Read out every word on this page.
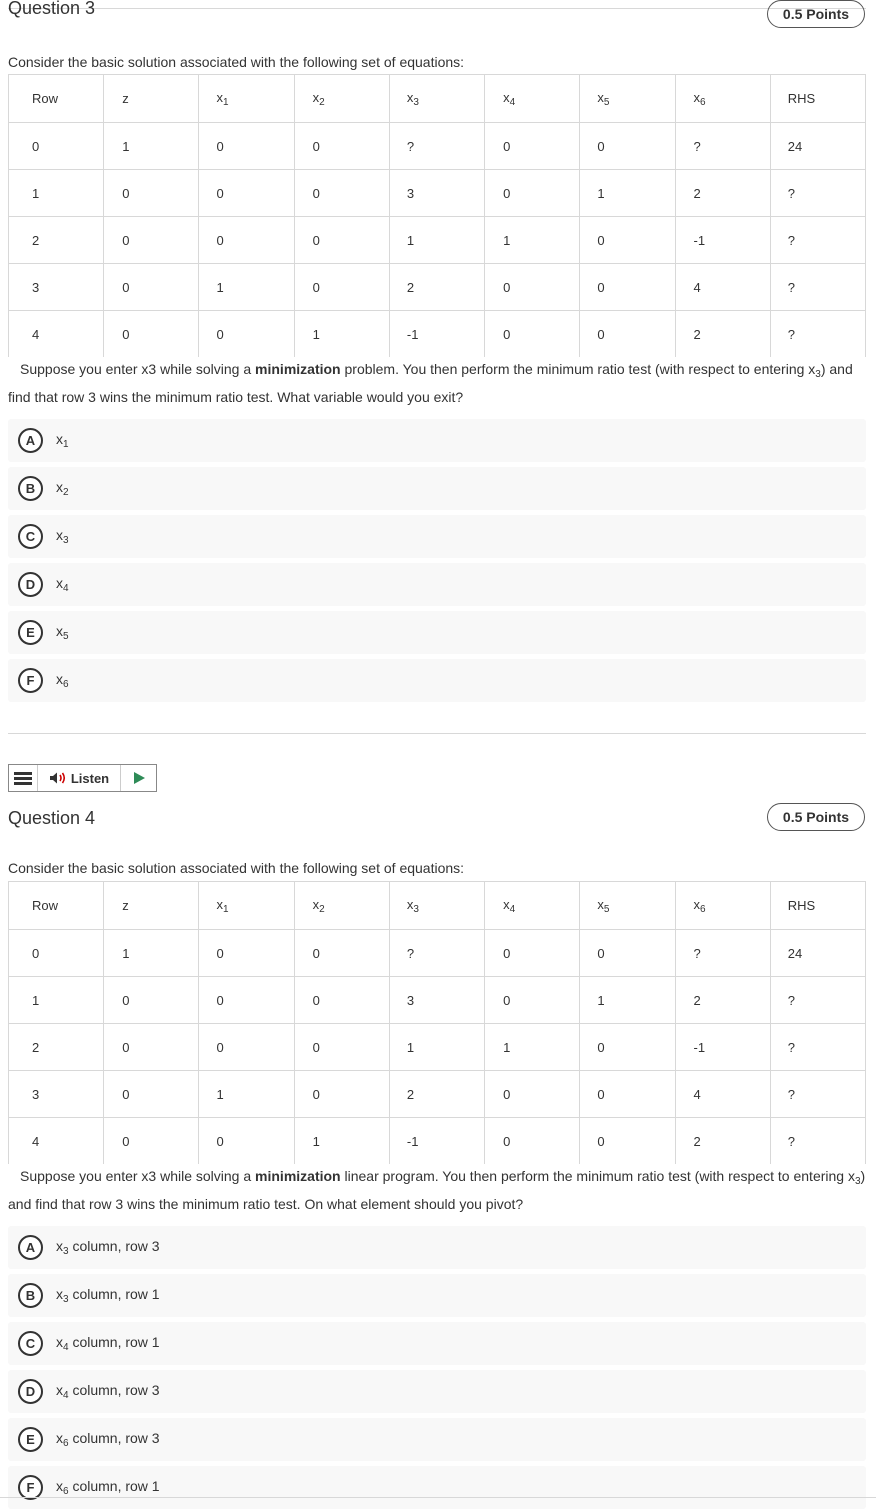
Question 3	0.5 Points
Consider the basic solution associated with the following set of equations:
Row	z	$x_1$	$x_2$	$x_3$	$x_4$	$x_5$	$x_6$	RHS

0	1	0	0	?	0	0	?	24

1	0	0	0	3	0	1	2	?

2	0	0	0	1	1	0	-1	?

3	0	1	0	2	0	0	4	?

4	0	0	1	-1	0	0	2	?
Suppose you enter x3 while solving a minimization problem. You then perform the minimum ratio test (with respect to entering $x_3$) and find that row 3 wins the minimum ratio test. What variable would you exit?
A	$x_1$
B	$x_2$
C	$x_3$
D	$x_4$
E	$x_5$
F	$x_6$
Listen
Question 4	0.5 Points
Consider the basic solution associated with the following set of equations:
Row	z	$x_1$	$x_2$	$x_3$	$x_4$	$x_5$	$x_6$	RHS

0	1	0	0	?	0	0	?	24

1	0	0	0	3	0	1	2	?

2	0	0	0	1	1	0	-1	?

3	0	1	0	2	0	0	4	?

4	0	0	1	-1	0	0	2	?
Suppose you enter x3 while solving a minimization linear program. You then perform the minimum ratio test (with respect to entering $x_3$) and find that row 3 wins the minimum ratio test. On what element should you pivot?
A	$x_3$ column, row 3
B	$x_3$ column, row 1
C	$x_4$ column, row 1
D	$x_4$ column, row 3
E	$x_6$ column, row 3
F	$x_6$ column, row 1
